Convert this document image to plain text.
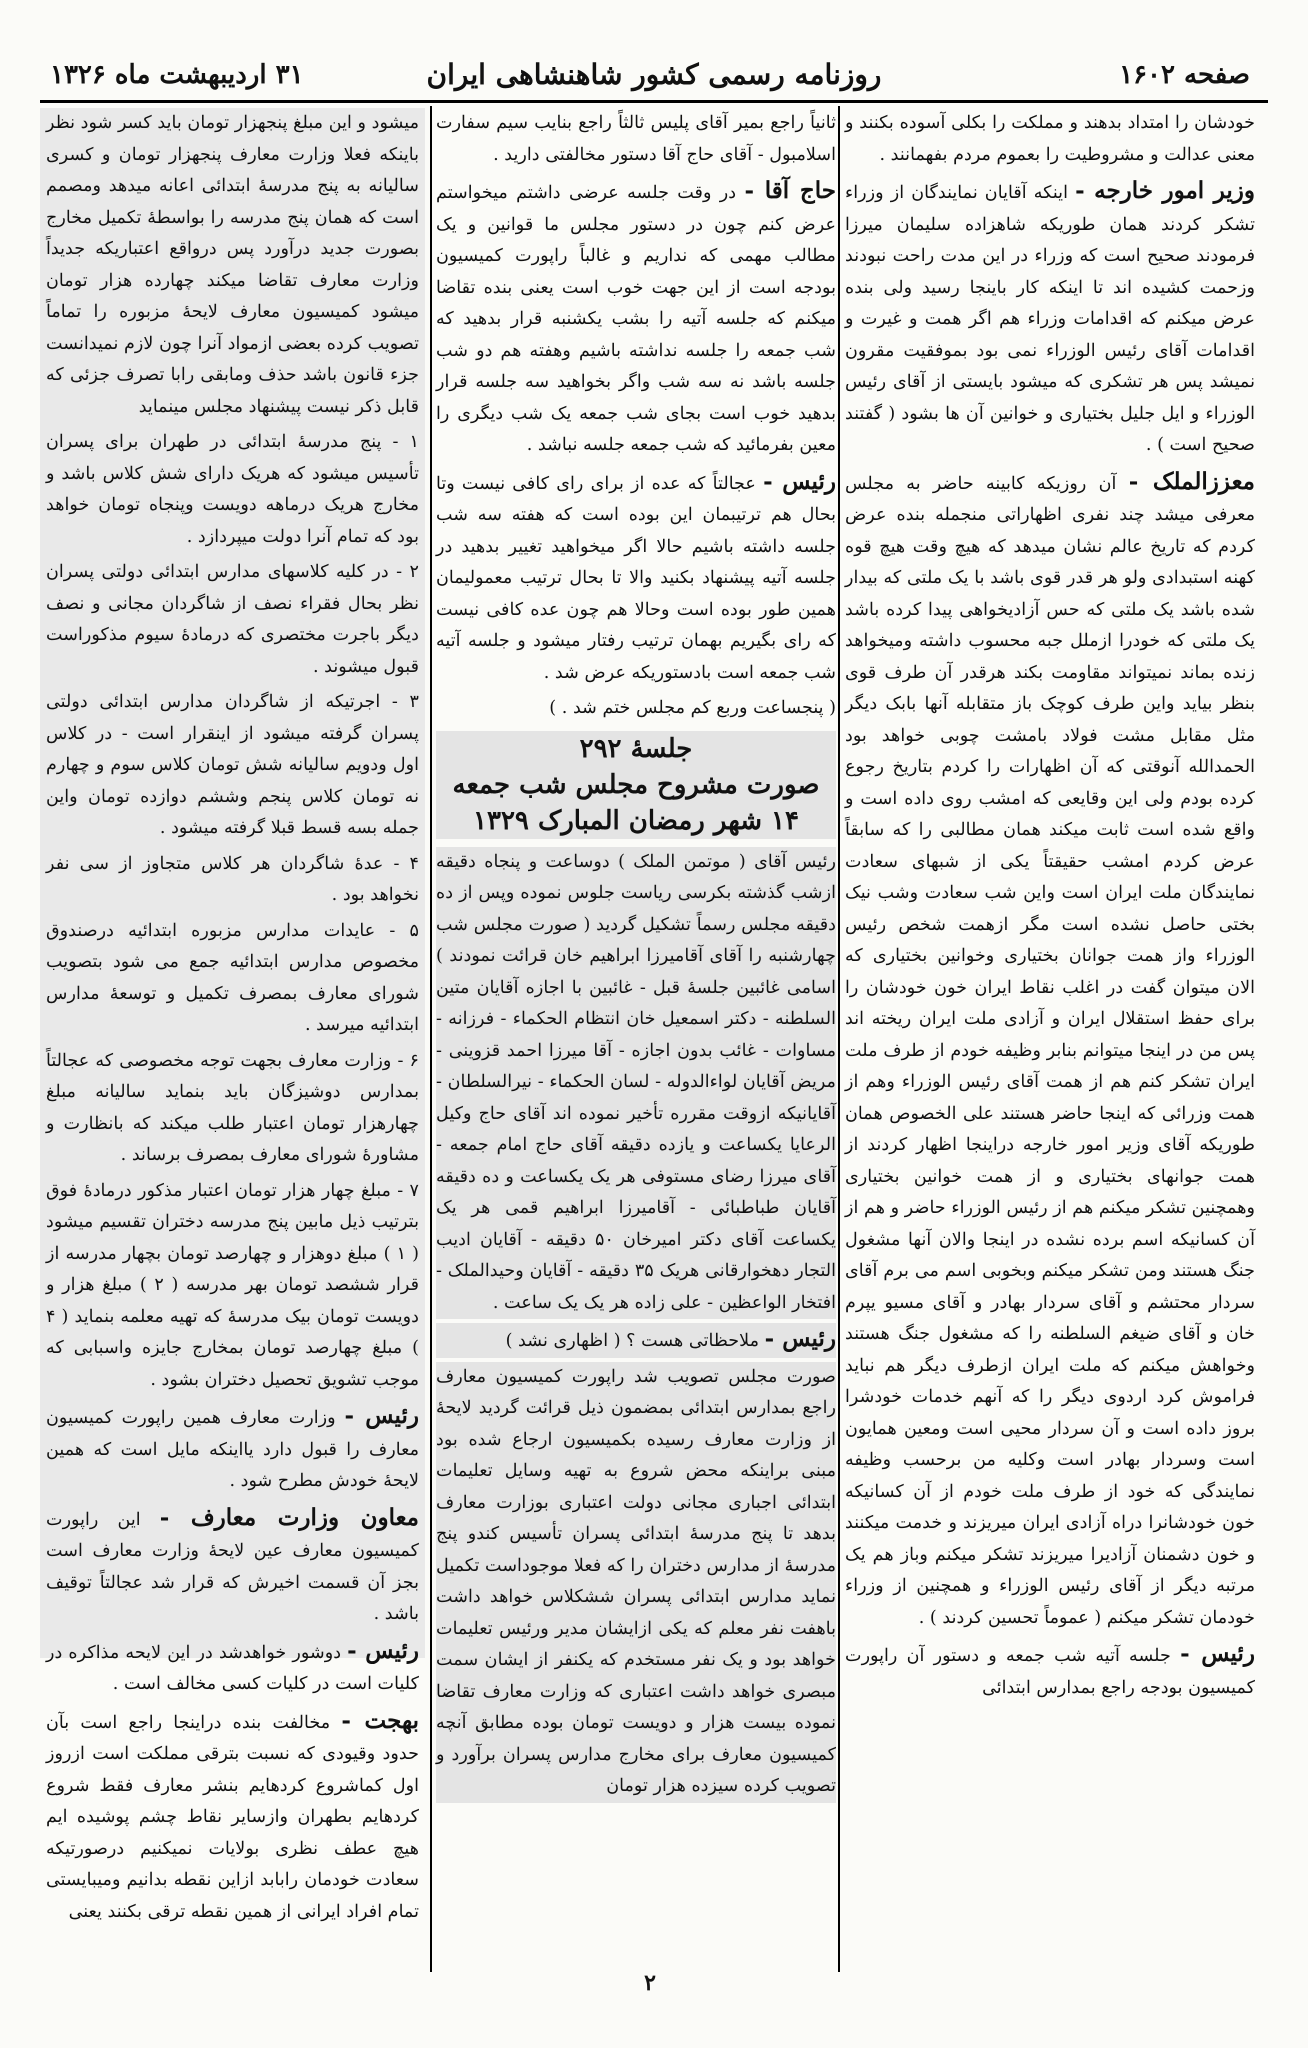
صفحه ۱۶۰۲
روزنامه رسمی کشور شاهنشاهی ایران
۳۱ اردیبهشت ماه ۱۳۲۶

خودشان را امتداد بدهند و مملکت را بکلی آسوده بکنند و معنی عدالت و مشروطیت را بعموم مردم بفهمانند .

وزیر امور خارجه - اینکه آقایان نمایندگان از وزراء تشکر کردند همان طوریکه شاهزاده سلیمان میرزا فرمودند صحیح است که وزراء در این مدت راحت نبودند وزحمت کشیده اند تا اینکه کار باینجا رسید ولی بنده عرض میکنم که اقدامات وزراء هم اگر همت و غیرت و اقدامات آقای رئیس الوزراء نمی بود بموفقیت مقرون نمیشد پس هر تشکری که میشود بایستی از آقای رئیس الوزراء و ایل جلیل بختیاری و خوانین آن ها بشود ( گفتند صحیح است ) .

معززالملک - آن روزیکه کابینه حاضر به مجلس معرفی میشد چند نفری اظهاراتی منجمله بنده عرض کردم که تاریخ عالم نشان میدهد که هیچ وقت هیچ قوه کهنه استبدادی ولو هر قدر قوی باشد با یک ملتی که بیدار شده باشد یک ملتی که حس آزادیخواهی پیدا کرده باشد یک ملتی که خودرا ازملل جبه محسوب داشته ومیخواهد زنده بماند نمیتواند مقاومت بکند هرقدر آن طرف قوی بنظر بیاید واین طرف کوچک باز متقابله آنها بابک دیگر مثل مقابل مشت فولاد بامشت چوبی خواهد بود الحمدالله آنوقتی که آن اظهارات را کردم بتاریخ رجوع کرده بودم ولی این وقایعی که امشب روی داده است و واقع شده است ثابت میکند همان مطالبی را که سابقاً عرض کردم امشب حقیقتاً یکی از شبهای سعادت نمایندگان ملت ایران است واین شب سعادت وشب نیک بختی حاصل نشده است مگر ازهمت شخص رئیس الوزراء واز همت جوانان بختیاری وخوانین بختیاری که الان میتوان گفت در اغلب نقاط ایران خون خودشان را برای حفظ استقلال ایران و آزادی ملت ایران ریخته اند پس من در اینجا میتوانم بنابر وظیفه خودم از طرف ملت ایران تشکر کنم هم از همت آقای رئیس الوزراء وهم از همت وزرائی که اینجا حاضر هستند علی الخصوص همان طوریکه آقای وزیر امور خارجه دراینجا اظهار کردند از همت جوانهای بختیاری و از همت خوانین بختیاری وهمچنین تشکر میکنم هم از رئیس الوزراء حاضر و هم از آن کسانیکه اسم برده نشده در اینجا والان آنها مشغول جنگ هستند ومن تشکر میکنم وبخوبی اسم می برم آقای سردار محتشم و آقای سردار بهادر و آقای مسیو یپرم خان و آقای ضیغم السلطنه را که مشغول جنگ هستند وخواهش میکنم که ملت ایران ازطرف دیگر هم نباید فراموش کرد اردوی دیگر را که آنهم خدمات خودشرا بروز داده است و آن سردار محیی است ومعین همایون است وسردار بهادر است وکلیه من برحسب وظیفه نمایندگی که خود از طرف ملت خودم از آن کسانیکه خون خودشانرا دراه آزادی ایران میریزند و خدمت میکنند و خون دشمنان آزادیرا میریزند تشکر میکنم وباز هم یک مرتبه دیگر از آقای رئیس الوزراء و همچنین از وزراء خودمان تشکر میکنم ( عموماً تحسین کردند ) .

رئیس - جلسه آتیه شب جمعه و دستور آن راپورت کمیسیون بودجه راجع بمدارس ابتدائی

ثانیاً راجع بمیر آقای پلیس ثالثاً راجع بنایب سیم سفارت اسلامبول - آقای حاج آقا دستور مخالفتی دارید .

حاج آقا - در وقت جلسه عرضی داشتم میخواستم عرض کنم چون در دستور مجلس ما قوانین و یک مطالب مهمی که نداریم و غالباً راپورت کمیسیون بودجه است از این جهت خوب است یعنی بنده تقاضا میکنم که جلسه آتیه را بشب یکشنبه قرار بدهید که شب جمعه را جلسه نداشته باشیم وهفته هم دو شب جلسه باشد نه سه شب واگر بخواهید سه جلسه قرار بدهید خوب است بجای شب جمعه یک شب دیگری را معین بفرمائید که شب جمعه جلسه نباشد .

رئیس - عجالتاً که عده از برای رای کافی نیست وتا بحال هم ترتیبمان این بوده است که هفته سه شب جلسه داشته باشیم حالا اگر میخواهید تغییر بدهید در جلسه آتیه پیشنهاد بکنید والا تا بحال ترتیب معمولیمان همین طور بوده است وحالا هم چون عده کافی نیست که رای بگیریم بهمان ترتیب رفتار میشود و جلسه آتیه شب جمعه است بادستوریکه عرض شد .

( پنجساعت وربع کم مجلس ختم شد . )

جلسهٔ ۲۹۲
صورت مشروح مجلس شب جمعه
۱۴ شهر رمضان المبارک ۱۳۲۹

رئیس آقای ( موتمن الملک ) دوساعت و پنجاه دقیقه ازشب گذشته بکرسی ریاست جلوس نموده وپس از ده دقیقه مجلس رسماً تشکیل گردید ( صورت مجلس شب چهارشنبه را آقای آقامیرزا ابراهیم خان قرائت نمودند ) اسامی غائبین جلسهٔ قبل - غائبین با اجازه آقایان متین السلطنه - دکتر اسمعیل خان انتظام الحکماء - فرزانه - مساوات - غائب بدون اجازه - آقا میرزا احمد قزوینی - مریض آقایان لواءالدوله - لسان الحکماء - نیرالسلطان - آقایانیکه ازوقت مقرره تأخیر نموده اند آقای حاج وکیل الرعایا یکساعت و یازده دقیقه آقای حاج امام جمعه - آقای میرزا رضای مستوفی هر یک یکساعت و ده دقیقه آقایان طباطبائی - آقامیرزا ابراهیم قمی هر یک یکساعت آقای دکتر امیرخان ۵۰ دقیقه - آقایان ادیب التجار دهخوارقانی هریک ۳۵ دقیقه - آقایان وحیدالملک - افتخار الواعظین - علی زاده هر یک یک ساعت .

رئیس - ملاحظاتی هست ؟ ( اظهاری نشد )

صورت مجلس تصویب شد راپورت کمیسیون معارف راجع بمدارس ابتدائی بمضمون ذیل قرائت گردید لایحهٔ از وزارت معارف رسیده بکمیسیون ارجاع شده بود مبنی براینکه محض شروع به تهیه وسایل تعلیمات ابتدائی اجباری مجانی دولت اعتباری بوزارت معارف بدهد تا پنج مدرسهٔ ابتدائی پسران تأسیس کندو پنج مدرسهٔ از مدارس دختران را که فعلا موجوداست تکمیل نماید مدارس ابتدائی پسران ششکلاس خواهد داشت باهفت نفر معلم که یکی ازایشان مدیر ورئیس تعلیمات خواهد بود و یک نفر مستخدم که یکنفر از ایشان سمت مبصری خواهد داشت اعتباری که وزارت معارف تقاضا نموده بیست هزار و دویست تومان بوده مطابق آنچه کمیسیون معارف برای مخارج مدارس پسران برآورد و تصویب کرده سیزده هزار تومان

میشود و این مبلغ پنجهزار تومان باید کسر شود نظر باینکه فعلا وزارت معارف پنجهزار تومان و کسری سالیانه به پنج مدرسهٔ ابتدائی اعانه میدهد ومصمم است که همان پنج مدرسه را بواسطهٔ تکمیل مخارج بصورت جدید درآورد پس درواقع اعتباریکه جدیداً وزارت معارف تقاضا میکند چهارده هزار تومان میشود کمیسیون معارف لایحهٔ مزبوره را تماماً تصویب کرده بعضی ازمواد آنرا چون لازم نمیدانست جزء قانون باشد حذف ومابقی رابا تصرف جزئی که قابل ذکر نیست پیشنهاد مجلس مینماید

۱ - پنج مدرسهٔ ابتدائی در طهران برای پسران تأسیس میشود که هریک دارای شش کلاس باشد و مخارج هریک درماهه دویست وپنجاه تومان خواهد بود که تمام آنرا دولت میپردازد .

۲ - در کلیه کلاسهای مدارس ابتدائی دولتی پسران نظر بحال فقراء نصف از شاگردان مجانی و نصف دیگر باجرت مختصری که درمادهٔ سیوم مذکوراست قبول میشوند .

۳ - اجرتیکه از شاگردان مدارس ابتدائی دولتی پسران گرفته میشود از اینقرار است - در کلاس اول ودویم سالیانه شش تومان کلاس سوم و چهارم نه تومان کلاس پنجم وششم دوازده تومان واین جمله بسه قسط قبلا گرفته میشود .

۴ - عدهٔ شاگردان هر کلاس متجاوز از سی نفر نخواهد بود .

۵ - عایدات مدارس مزبوره ابتدائیه درصندوق مخصوص مدارس ابتدائیه جمع می شود بتصویب شورای معارف بمصرف تکمیل و توسعهٔ مدارس ابتدائیه میرسد .

۶ - وزارت معارف بجهت توجه مخصوصی که عجالتاً بمدارس دوشیزگان باید بنماید سالیانه مبلغ چهارهزار تومان اعتبار طلب میکند که بانظارت و مشاورهٔ شورای معارف بمصرف برساند .

۷ - مبلغ چهار هزار تومان اعتبار مذکور درمادهٔ فوق بترتیب ذیل مابین پنج مدرسه دختران تقسیم میشود ( ۱ ) مبلغ دوهزار و چهارصد تومان بچهار مدرسه از قرار ششصد تومان بهر مدرسه ( ۲ ) مبلغ هزار و دویست تومان بیک مدرسهٔ که تهیه معلمه بنماید ( ۴ ) مبلغ چهارصد تومان بمخارج جایزه واسبابی که موجب تشویق تحصیل دختران بشود .

رئیس - وزارت معارف همین راپورت کمیسیون معارف را قبول دارد یااینکه مایل است که همین لایحهٔ خودش مطرح شود .

معاون وزارت معارف - این راپورت کمیسیون معارف عین لایحهٔ وزارت معارف است بجز آن قسمت اخیرش که قرار شد عجالتاً توقیف باشد .

رئیس - دوشور خواهدشد در این لایحه مذاکره در کلیات است در کلیات کسی مخالف است .

بهجت - مخالفت بنده دراینجا راجع است بآن حدود وقیودی که نسبت بترقی مملکت است ازروز اول کماشروع کردهایم بنشر معارف فقط شروع کردهایم بطهران وازسایر نقاط چشم پوشیده ایم هیچ عطف نظری بولایات نمیکنیم درصورتیکه سعادت خودمان رابابد ازاین نقطه بدانیم ومیبایستی تمام افراد ایرانی از همین نقطه ترقی بکنند یعنی

۲
